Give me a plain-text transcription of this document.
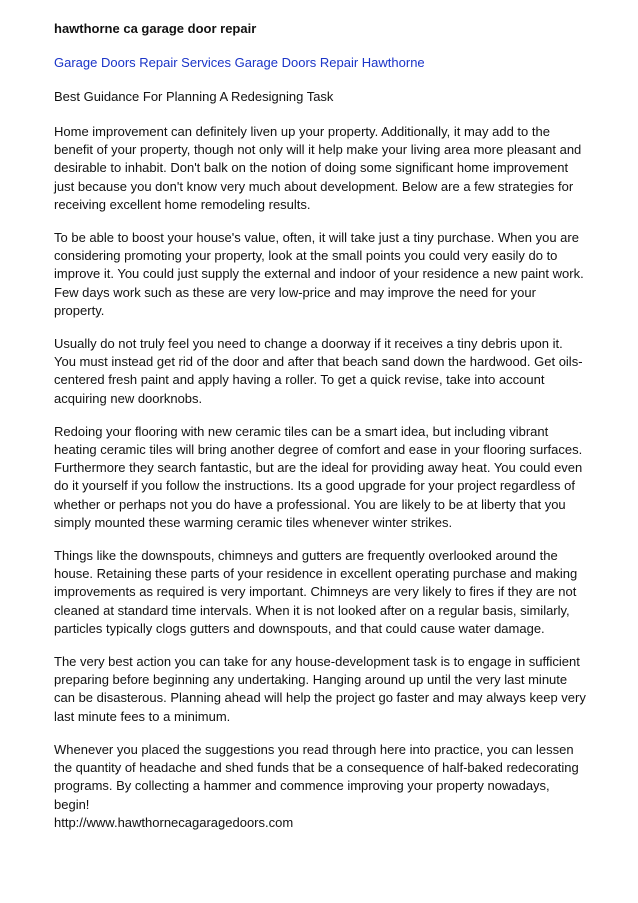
hawthorne ca garage door repair
Garage Doors Repair Services Garage Doors Repair Hawthorne
Best Guidance For Planning A Redesigning Task

Home improvement can definitely liven up your property. Additionally, it may add to the benefit of your property, though not only will it help make your living area more pleasant and desirable to inhabit. Don't balk on the notion of doing some significant home improvement just because you don't know very much about development. Below are a few strategies for receiving excellent home remodeling results.

To be able to boost your house's value, often, it will take just a tiny purchase. When you are considering promoting your property, look at the small points you could very easily do to improve it. You could just supply the external and indoor of your residence a new paint work. Few days work such as these are very low-price and may improve the need for your property.

Usually do not truly feel you need to change a doorway if it receives a tiny debris upon it. You must instead get rid of the door and after that beach sand down the hardwood. Get oils-centered fresh paint and apply having a roller. To get a quick revise, take into account acquiring new doorknobs.

Redoing your flooring with new ceramic tiles can be a smart idea, but including vibrant heating ceramic tiles will bring another degree of comfort and ease in your flooring surfaces. Furthermore they search fantastic, but are the ideal for providing away heat. You could even do it yourself if you follow the instructions. Its a good upgrade for your project regardless of whether or perhaps not you do have a professional. You are likely to be at liberty that you simply mounted these warming ceramic tiles whenever winter strikes.

Things like the downspouts, chimneys and gutters are frequently overlooked around the house. Retaining these parts of your residence in excellent operating purchase and making improvements as required is very important. Chimneys are very likely to fires if they are not cleaned at standard time intervals. When it is not looked after on a regular basis, similarly, particles typically clogs gutters and downspouts, and that could cause water damage.

The very best action you can take for any house-development task is to engage in sufficient preparing before beginning any undertaking. Hanging around up until the very last minute can be disasterous. Planning ahead will help the project go faster and may always keep very last minute fees to a minimum.

Whenever you placed the suggestions you read through here into practice, you can lessen the quantity of headache and shed funds that be a consequence of half-baked redecorating programs. By collecting a hammer and commence improving your property nowadays, begin!
http://www.hawthornecagaragedoors.com
